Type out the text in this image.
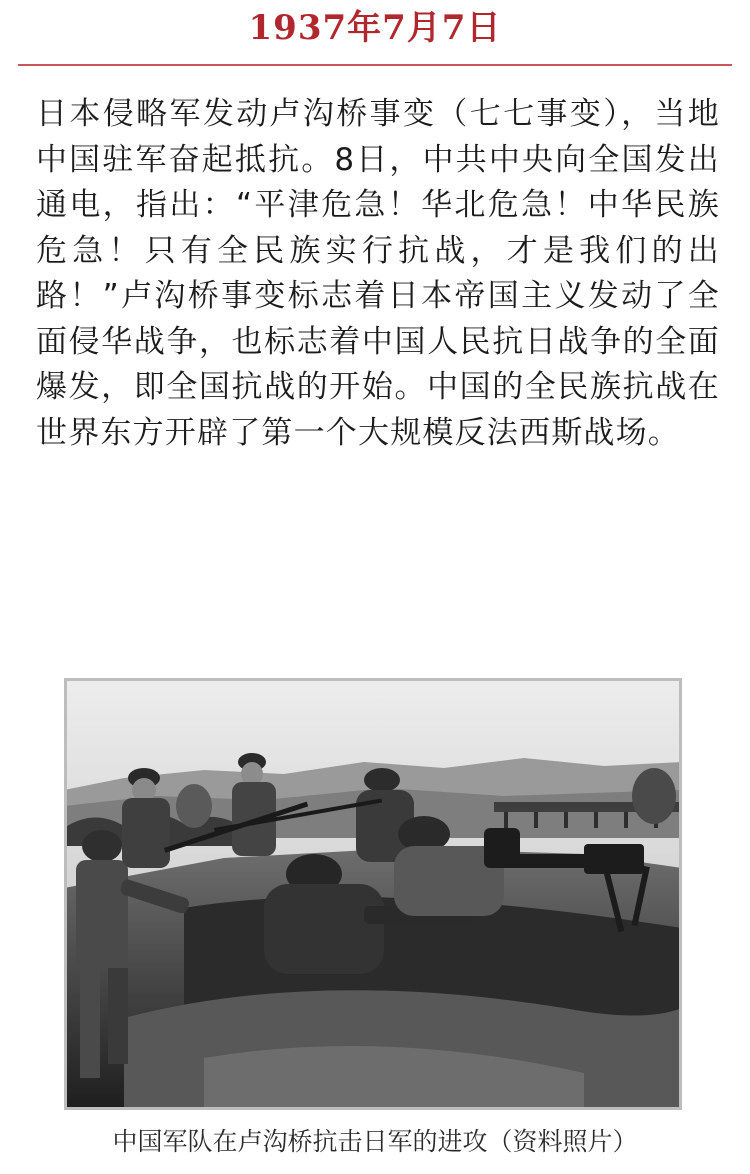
1937年7月7日

日本侵略军发动卢沟桥事变（七七事变），当地中国驻军奋起抵抗。8日，中共中央向全国发出通电，指出：“平津危急！华北危急！中华民族危急！只有全民族实行抗战，才是我们的出路！”卢沟桥事变标志着日本帝国主义发动了全面侵华战争，也标志着中国人民抗日战争的全面爆发，即全国抗战的开始。中国的全民族抗战在世界东方开辟了第一个大规模反法西斯战场。

中国军队在卢沟桥抗击日军的进攻（资料照片）
